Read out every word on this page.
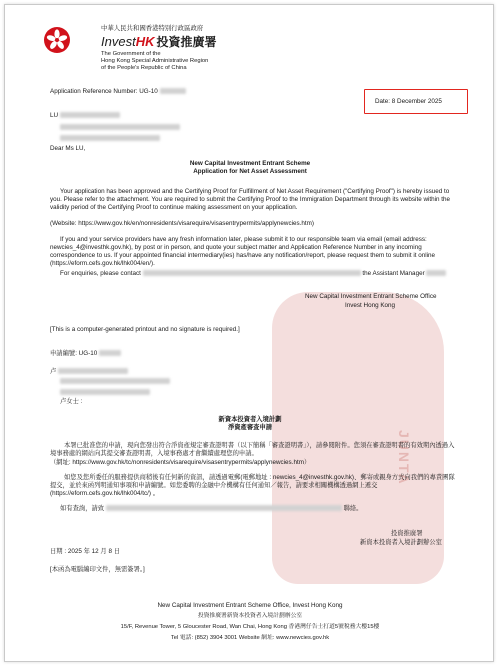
JUNTA
中華人民共和國香港特別行政區政府
InvestHK 投資推廣署
The Government of the
Hong Kong Special Administrative Region
of the People's Republic of China
Application Reference Number: UG-10
Date: 8 December 2025
LU
Dear Ms LU,
New Capital Investment Entrant Scheme
Application for Net Asset Assessment
Your application has been approved and the Certifying Proof for Fulfillment of Net Asset Requirement ("Certifying Proof") is hereby issued to you. Please refer to the attachment. You are required to submit the Certifying Proof to the Immigration Department through its website within the validity period of the Certifying Proof to continue making assessment on your application.
(Website: https://www.gov.hk/en/nonresidents/visarequire/visasentrypermits/applynewcies.htm)
If you and your service providers have any fresh information later, please submit it to our responsible team via email (email address: newcies_4@investhk.gov.hk), by post or in person, and quote your subject matter and Application Reference Number in any incoming correspondence to us. If your appointed financial intermediary(ies) has/have any notification/report, please request them to submit it online (https://eform.cefs.gov.hk/lhk004/en/).
For enquiries, please contact	the Assistant Manager
New Capital Investment Entrant Scheme Office
Invest Hong Kong
[This is a computer-generated printout and no signature is required.]
申請編號: UG-10
卢
卢女士 :
新資本投資者入境計劃
淨資產審查申請
本署已批准您的申請，現向您發出符合淨資產規定審查證明書（以下簡稱「審查證明書」），請參閱附件。您須在審查證明書的有效期內透過入境事務處的網站向其提交審查證明書，入境事務處才會繼續處理您的申請。
（網址: https://www.gov.hk/tc/nonresidents/visarequire/visasentrypermits/applynewcies.htm）
如您及您所委任的服務提供商稍後有任何新的資訊，請透過電郵(電郵地址 : newcies_4@investhk.gov.hk)、郵寄或親身方式向我們的專責團隊提交，並於來函列明通知事項和申請編號。如您委聘的金融中介機構有任何通知／報告，請要求相關機構透過網上遞交 (https://eform.cefs.gov.hk/lhk004/tc/) 。
如有查詢，請致	聯絡。
投資推廣署
新資本投資者入境計劃辦公室
日期 : 2025 年 12 月 8 日
[本函為電腦編印文件，無需簽署。]
New Capital Investment Entrant Scheme Office, Invest Hong Kong
投資推廣署新資本投資者入境計劃辦公室
15/F, Revenue Tower, 5 Gloucester Road, Wan Chai, Hong Kong 香港灣仔告士打道5號稅務大樓15樓
Tel 電話: (852) 3904 3001 Website 網址: www.newcies.gov.hk
